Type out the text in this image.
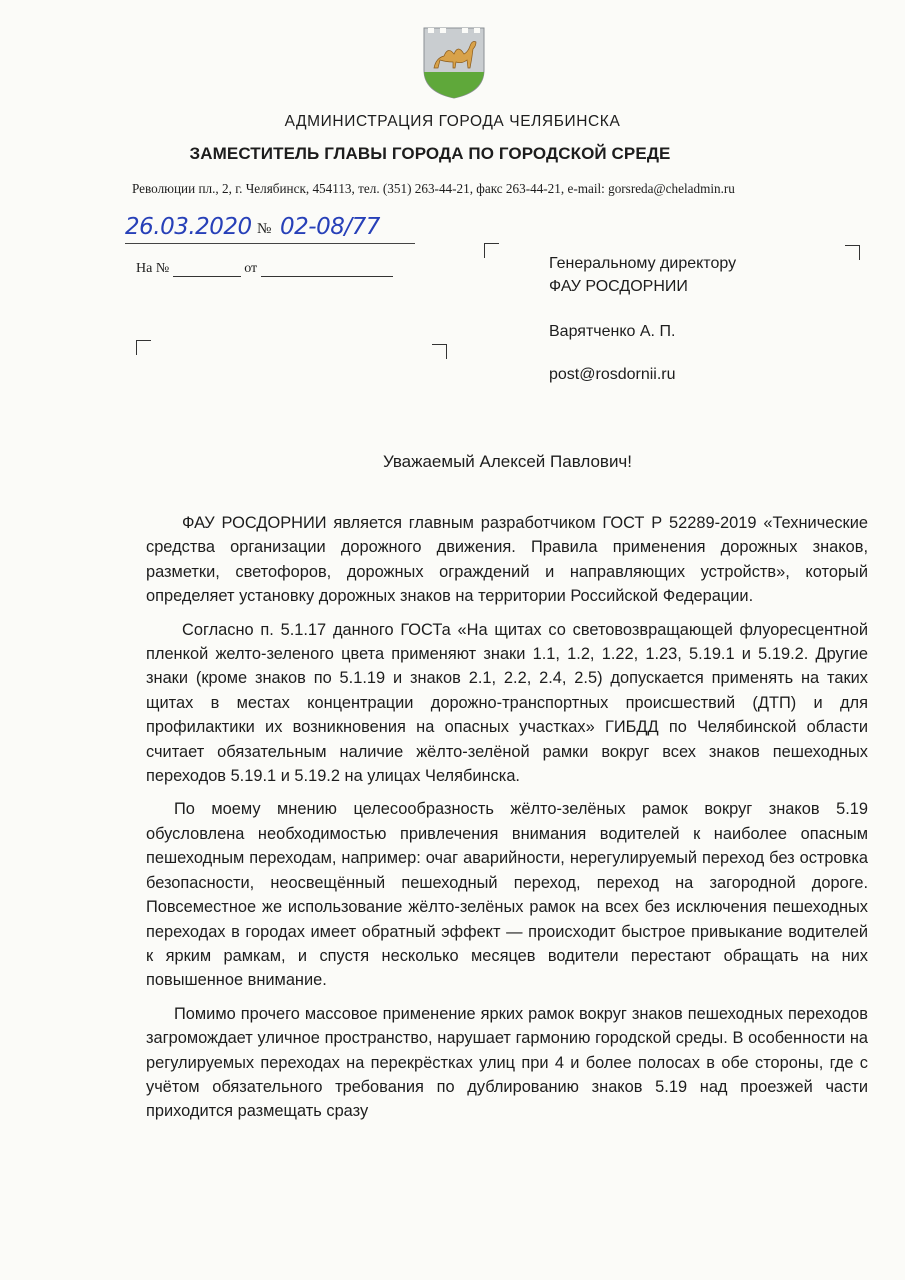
АДМИНИСТРАЦИЯ ГОРОДА ЧЕЛЯБИНСКА
ЗАМЕСТИТЕЛЬ ГЛАВЫ ГОРОДА ПО ГОРОДСКОЙ СРЕДЕ
Революции пл., 2, г. Челябинск, 454113, тел. (351) 263-44-21, факс 263-44-21, e-mail: gorsreda@cheladmin.ru
26.03.2020 № 02-08/77
На №	от	Генеральному директору
ФАУ РОСДОРНИИ
Варятченко А. П.
post@rosdornii.ru
Уважаемый Алексей Павлович!

ФАУ РОСДОРНИИ является главным разработчиком ГОСТ Р 52289-2019 «Технические средства организации дорожного движения. Правила применения дорожных знаков, разметки, светофоров, дорожных ограждений и направляющих устройств», который определяет установку дорожных знаков на территории Российской Федерации.

Согласно п. 5.1.17 данного ГОСТа «На щитах со световозвращающей флуоресцентной пленкой желто-зеленого цвета применяют знаки 1.1, 1.2, 1.22, 1.23, 5.19.1 и 5.19.2. Другие знаки (кроме знаков по 5.1.19 и знаков 2.1, 2.2, 2.4, 2.5) допускается применять на таких щитах в местах концентрации дорожно-транспортных происшествий (ДТП) и для профилактики их возникновения на опасных участках» ГИБДД по Челябинской области считает обязательным наличие жёлто-зелёной рамки вокруг всех знаков пешеходных переходов 5.19.1 и 5.19.2 на улицах Челябинска.

По моему мнению целесообразность жёлто-зелёных рамок вокруг знаков 5.19 обусловлена необходимостью привлечения внимания водителей к наиболее опасным пешеходным переходам, например: очаг аварийности, нерегулируемый переход без островка безопасности, неосвещённый пешеходный переход, переход на загородной дороге. Повсеместное же использование жёлто-зелёных рамок на всех без исключения пешеходных переходах в городах имеет обратный эффект — происходит быстрое привыкание водителей к ярким рамкам, и спустя несколько месяцев водители перестают обращать на них повышенное внимание.

Помимо прочего массовое применение ярких рамок вокруг знаков пешеходных переходов загромождает уличное пространство, нарушает гармонию городской среды. В особенности на регулируемых переходах на перекрёстках улиц при 4 и более полосах в обе стороны, где с учётом обязательного требования по дублированию знаков 5.19 над проезжей части приходится размещать сразу
